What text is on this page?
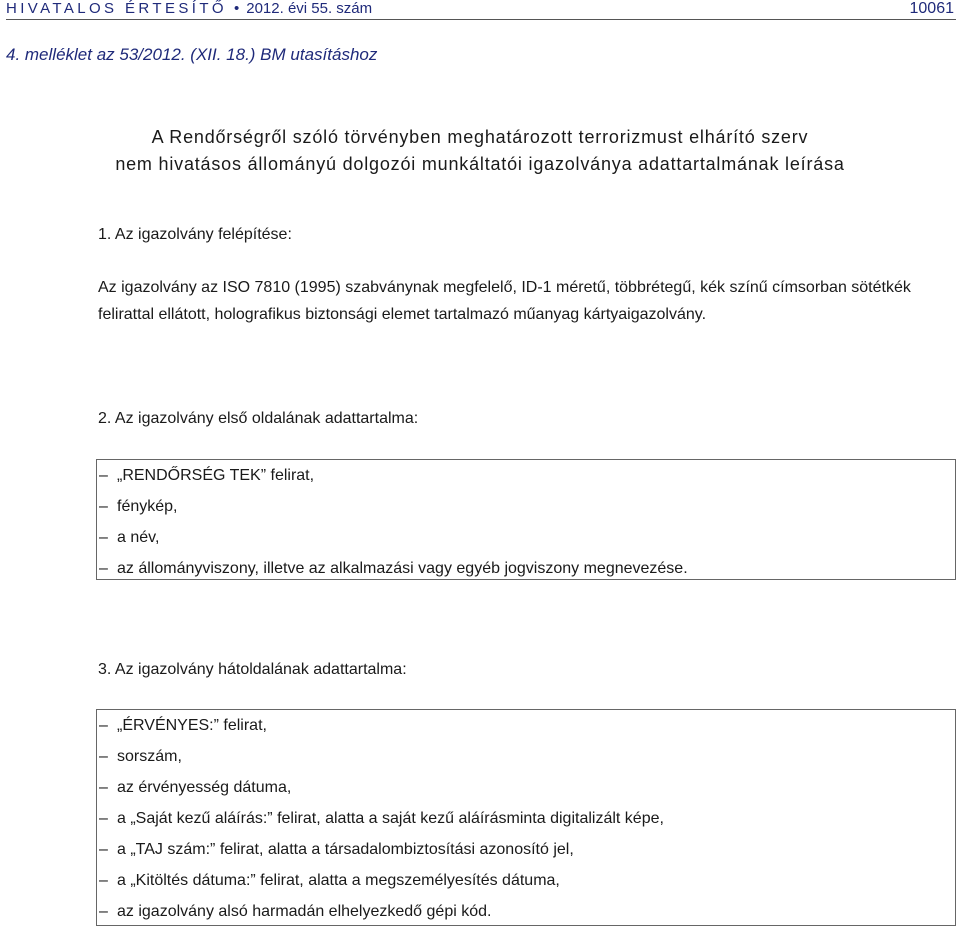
HIVATALOS ÉRTESÍTŐ • 2012. évi 55. szám	10061
4. melléklet az 53/2012. (XII. 18.) BM utasításhoz
A Rendőrségről szóló törvényben meghatározott terrorizmust elhárító szerv
nem hivatásos állományú dolgozói munkáltatói igazolványa adattartalmának leírása
1. Az igazolvány felépítése:
Az igazolvány az ISO 7810 (1995) szabványnak megfelelő, ID-1 méretű, többrétegű, kék színű címsorban sötétkék
felirattal ellátott, holografikus biztonsági elemet tartalmazó műanyag kártyaigazolvány.
2. Az igazolvány első oldalának adattartalma:
– „RENDŐRSÉG TEK” felirat,
– fénykép,
– a név,
– az állományviszony, illetve az alkalmazási vagy egyéb jogviszony megnevezése.
3. Az igazolvány hátoldalának adattartalma:
– „ÉRVÉNYES:” felirat,
– sorszám,
– az érvényesség dátuma,
– a „Saját kezű aláírás:” felirat, alatta a saját kezű aláírásminta digitalizált képe,
– a „TAJ szám:” felirat, alatta a társadalombiztosítási azonosító jel,
– a „Kitöltés dátuma:” felirat, alatta a megszemélyesítés dátuma,
– az igazolvány alsó harmadán elhelyezkedő gépi kód.
